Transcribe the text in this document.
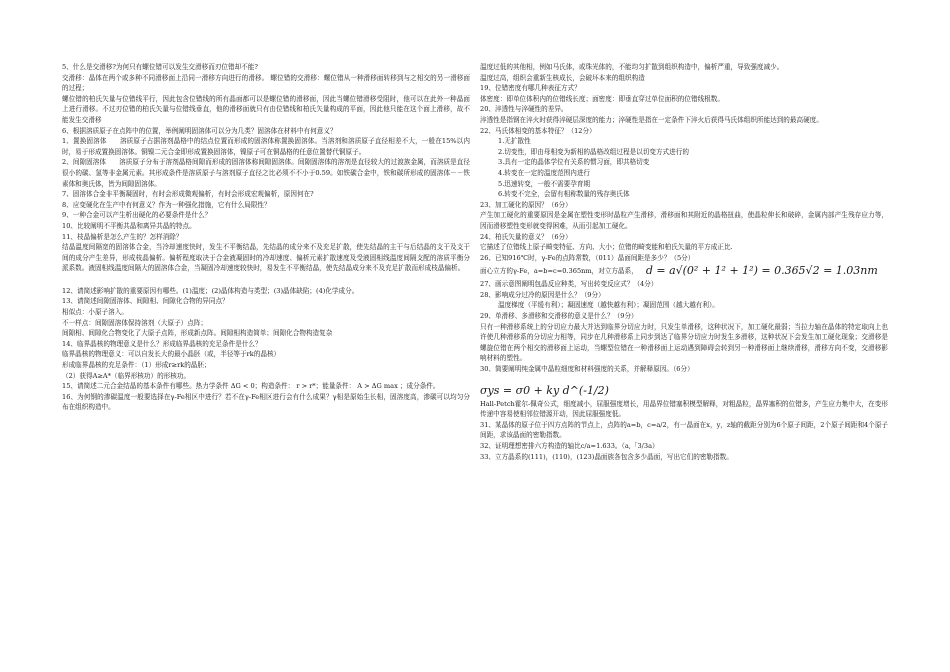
5、什么是交滑移?为何只有螺位错可以发生交滑移而刃位错却不能?

交滑移：晶体在两个或多种不同滑移面上沿同一滑移方向进行的滑移。 螺位错的交滑移：螺位错从一种滑移面转移到与之相交的另一滑移面的过程；

螺位错的柏氏矢量与位错线平行，因此包含位错线的所有晶面都可以是螺位错的滑移面，因此当螺位错滑移受阻时，他可以在此外一种晶面上进行滑移。不过刃位错的柏氏矢量与位错线垂直，他的滑移面就只有由位错线和柏氏矢量构成的平面，因此他只能在这个面上滑移，故不能发生交滑移

6、根据溶质原子在点阵中的位置，举例阐明固溶体可以分为几类？固溶体在材料中有何意义？

1、置换固溶体　　溶质原子占据溶剂晶格中的结点位置而形成的固溶体称置换固溶体。当溶剂和溶质原子直径相差不大，一般在15%以内时，易于形成置换固溶体。铜镍二元合金即形成置换固溶体，镍原子可在铜晶格的任意位置替代铜原子。

2、间隙固溶体　　溶质原子分布于溶剂晶格间隙而形成的固溶体称间隙固溶体。间隙固溶体的溶剂是直径较大的过渡族金属，而溶质是直径很小的碳、氢等非金属元素。其形成条件是溶质原子与溶剂原子直径之比必须不不小于0.59。如铁碳合金中，铁和碳所形成的固溶体－－铁素体和奥氏体，皆为间隙固溶体。

7、固溶体合金非平衡凝固时，有时会形成微观偏析，有时会形成宏观偏析，原因何在?

8、应变硬化在生产中有何意义？作为一种强化措施，它有什么局限性？

9、一种合金可以产生析出硬化的必要条件是什么？

10、比较阐明不平衡共晶和离异共晶的特点。

11、枝晶偏析是怎么产生的？怎样消除？

结晶温度间隔宽的固溶体合金，当冷却速度快时，发生不平衡结晶，先结晶的成分来不及充足扩散，使先结晶的主干与后结晶的支干及支干间的成分产生差异，形成枝晶偏析。偏析程度取决于合金液凝固时的冷却速度、偏析元素扩散速度及受液固相线温度间隔支配的溶质平衡分派系数。液固相线温度间隔大的固溶体合金，当凝固冷却速度较快时，易发生不平衡结晶，使先结晶成分来不及充足扩散而形成枝晶偏析。

12、请简述影响扩散的重要原因有哪些。(1)温度；(2)晶体构造与类型；(3)晶体缺陷；(4)化学成分。

13、请简述间隙固溶体、间隙相、间隙化合物的异同点？

相似点：小原子溶入。

不一样点：间隙固溶体保持溶剂（大原子）点阵；

间隙相、间隙化合物变化了大原子点阵，形成新点阵。间隙相构造简单；间隙化合物构造复杂

14、临界晶核的物理意义是什么？形成临界晶核的充足条件是什么？

临界晶核的物理意义：可以自发长大的最小晶胚（或，半径等于rk的晶核）

形成临界晶核的充足条件：（1）形成r≥rk的晶胚；

（2）获得A≥A*（临界形核功）的形核功。

15、请简述二元合金结晶的基本条件有哪些。热力学条件 ΔG < 0；构造条件： r > r*；能量条件： A > ΔG max ；成分条件。

16、为何钢的渗碳温度一般要选择在γ-Fe相区中进行？若不在γ-Fe相区进行会有什么成果？γ相是原始生长相，固溶度高，渗碳可以均匀分布在组织构造中。

温度过低的其他相，例如马氏体，或珠光体的，不能均匀扩散到组织构造中，偏析严重，导致强度减少。

温度过高，组织会重新生核成长，会破坏本来的组织构造

19、位错密度有哪几种表征方式？

体密度：即单位体积内的位错线长度；面密度：即垂直穿过单位面积的位错线根数。

20、淬透性与淬硬性的差异。

淬透性是指钢在淬火时获得淬硬层深度的能力；淬硬性是指在一定条件下淬火后获得马氏体组织所能达到的最高硬度。

22、马氏体相变的基本特征？（12分）

1.无扩散性

2.切变性，即由母相变为新相的晶格改组过程是以切变方式进行的

3.具有一定的晶体学位有关系的惯习面，即共格切变

4.转变在一定的温度范围内进行

5.迅速转变，一般不需要孕育期

6.转变不完全，会留有相称数量的残存奥氏体

23、加工硬化的原因？（6分）

产生加工硬化的重要原因是金属在塑性变形时晶粒产生滑移，滑移面和其附近的晶格扭曲，使晶粒伸长和破碎，金属内部产生残存应力等，因而滑移塑性变形就变得困难，从而引起加工硬化。

24、柏氏矢量的意义？（6分）

它描述了位错线上原子畸变特征、方向、大小；位错的畸变能和柏氏矢量的平方成正比.

26、已知916℃时，γ-Fe的点阵常数，（011）晶面间距是多少？（5分）

面心立方的γ-Fe，a=b=c=0.365nm，对立方晶系， d = a√(0² + 1² + 1²) = 0.365√2 = 1.03nm

27、画示意图阐明包晶反应种类，写出转变反应式？（4分）

28、影响成分过冷的原因是什么？（9分）

温度梯度（平缓有利）；凝固速度（越快越有利）；凝固范围（越大越有利）。

29、单滑移、多滑移和交滑移的意义是什么？（9分）

只有一种滑移系统上的分切应力最大并达到临界分切应力时，只发生单滑移，这种状况下，加工硬化最弱；当拉力轴在晶体的特定取向上也许使几种滑移系的分切应力相等，同步在几种滑移系上同步到达了临界分切应力时发生多滑移，这种状况下会发生加工硬化现象；交滑移是螺旋位错在两个相交的滑移面上运动，当螺型位错在一种滑移面上运动遇到障碍会转到另一种滑移面上继续滑移，滑移方向不变，交滑移影响材料的塑性。

30、简要阐明纯金属中晶粒细度和材料强度的关系，并解释原因。（6分）

σys = σ0 + ky d^(-1/2)

Hall-Petch霍尔-佩奇公式，细度减小，屈服强度增长，用晶界位错塞积模型解释，对粗晶粒，晶界塞积的位错多，产生应力集中大，在变形传递中容易使相邻位错源开动，因此屈服强度低。

31、某晶体的原子位于四方点阵的节点上，点阵的a=b，c=a/2，有一晶面在x，y，z轴的截距分别为6个原子间距，2个原子间距和4个原子间距，求该晶面的密勒指数。

32、证明理想密排六方构造的轴比c/a=1.633。（a,「3/3a）

33、立方晶系的(111)，(110)，(123)晶面族各包含多少晶面，写出它们的密勒指数。
